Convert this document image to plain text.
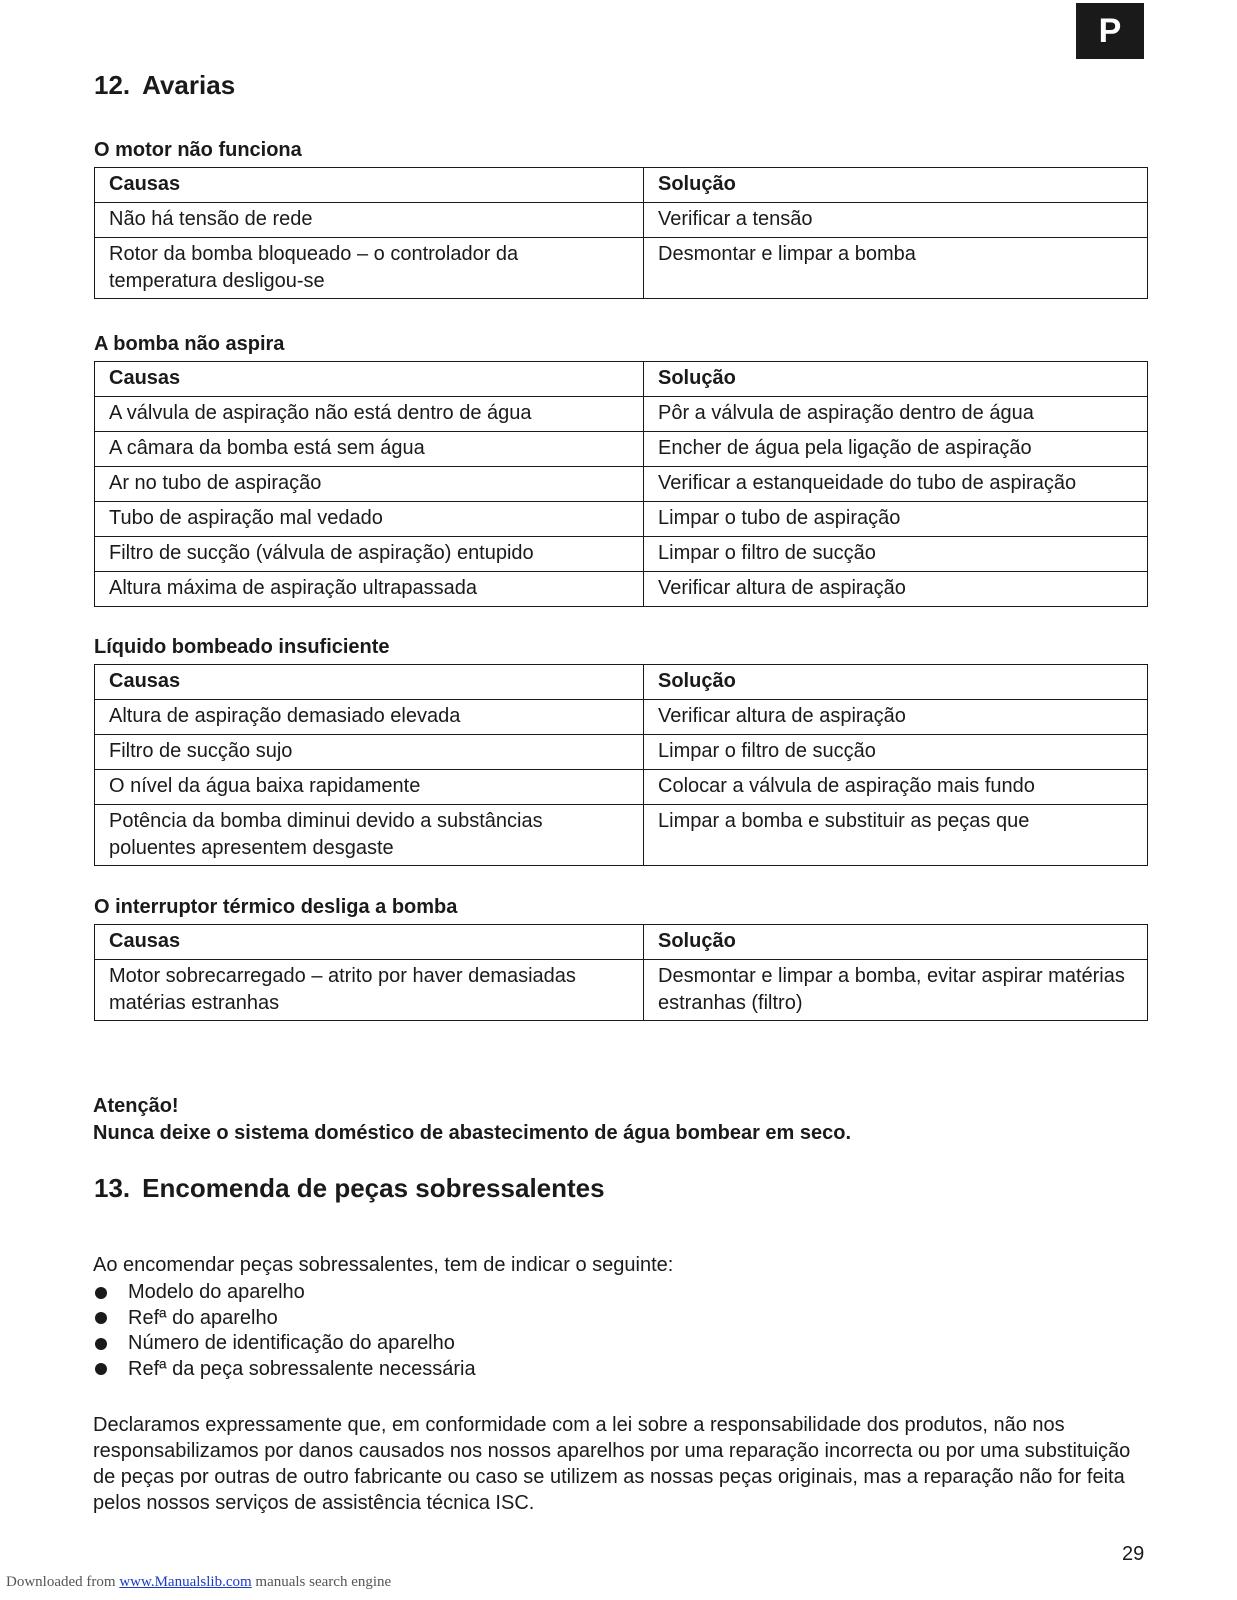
P
12. Avarias
O motor não funciona
Causas	Solução
Não há tensão de rede	Verificar a tensão
Rotor da bomba bloqueado – o controlador da temperatura desligou-se	Desmontar e limpar a bomba
A bomba não aspira
Causas	Solução
A válvula de aspiração não está dentro de água	Pôr a válvula de aspiração dentro de água
A câmara da bomba está sem água	Encher de água pela ligação de aspiração
Ar no tubo de aspiração	Verificar a estanqueidade do tubo de aspiração
Tubo de aspiração mal vedado	Limpar o tubo de aspiração
Filtro de sucção (válvula de aspiração) entupido	Limpar o filtro de sucção
Altura máxima de aspiração ultrapassada	Verificar altura de aspiração
Líquido bombeado insuficiente
Causas	Solução
Altura de aspiração demasiado elevada	Verificar altura de aspiração
Filtro de sucção sujo	Limpar o filtro de sucção
O nível da água baixa rapidamente	Colocar a válvula de aspiração mais fundo
Potência da bomba diminui devido a substâncias poluentes apresentem desgaste	Limpar a bomba e substituir as peças que
O interruptor térmico desliga a bomba
Causas	Solução
Motor sobrecarregado – atrito por haver demasiadas matérias estranhas	Desmontar e limpar a bomba, evitar aspirar matérias estranhas (filtro)
Atenção!
Nunca deixe o sistema doméstico de abastecimento de água bombear em seco.
13. Encomenda de peças sobressalentes
Ao encomendar peças sobressalentes, tem de indicar o seguinte:
Modelo do aparelho
Refª do aparelho
Número de identificação do aparelho
Refª da peça sobressalente necessária
Declaramos expressamente que, em conformidade com a lei sobre a responsabilidade dos produtos, não nos responsabilizamos por danos causados nos nossos aparelhos por uma reparação incorrecta ou por uma substituição de peças por outras de outro fabricante ou caso se utilizem as nossas peças originais, mas a reparação não for feita pelos nossos serviços de assistência técnica ISC.
29
Downloaded from www.Manualslib.com manuals search engine
